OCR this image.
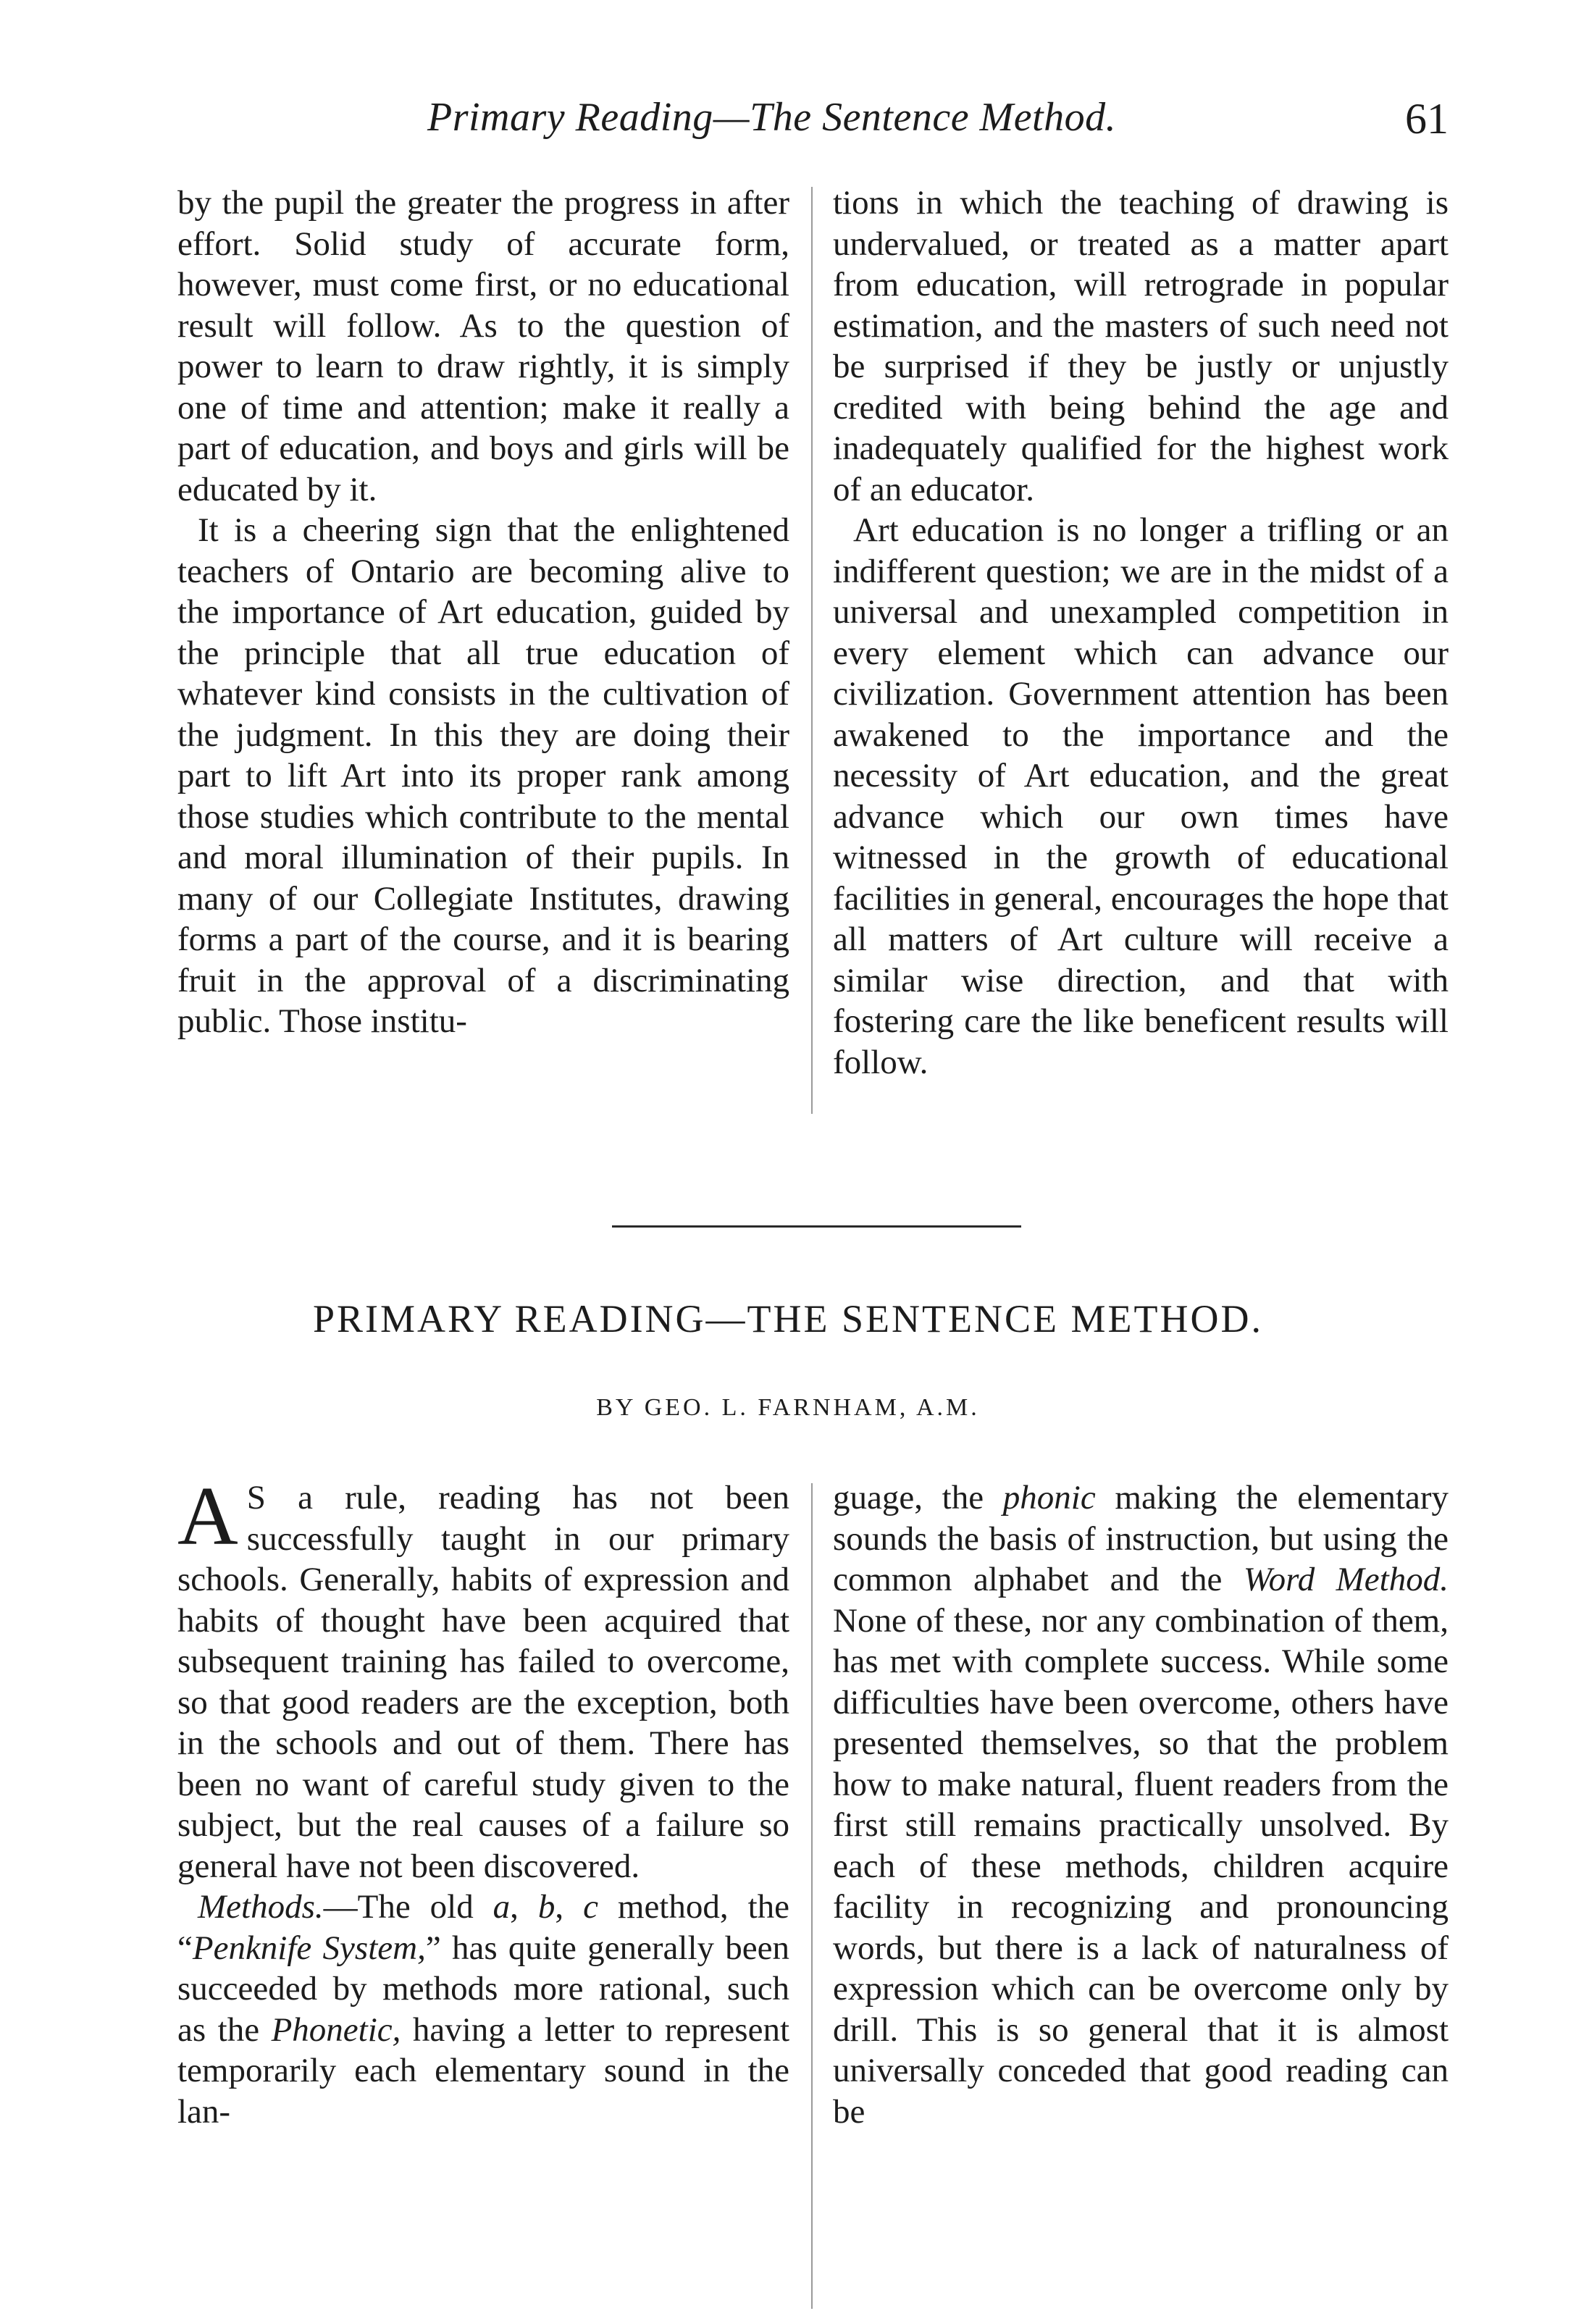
Primary Reading—The Sentence Method.	61

by the pupil the greater the progress in after effort. Solid study of accurate form, however, must come first, or no educational result will follow. As to the question of power to learn to draw rightly, it is simply one of time and attention; make it really a part of education, and boys and girls will be educated by it.

It is a cheering sign that the enlightened teachers of Ontario are becoming alive to the importance of Art education, guided by the principle that all true education of whatever kind consists in the cultivation of the judgment. In this they are doing their part to lift Art into its proper rank among those studies which contribute to the mental and moral illumination of their pupils. In many of our Collegiate Institutes, drawing forms a part of the course, and it is bearing fruit in the approval of a discriminating public. Those institu-

tions in which the teaching of drawing is undervalued, or treated as a matter apart from education, will retrograde in popular estimation, and the masters of such need not be surprised if they be justly or unjustly credited with being behind the age and inadequately qualified for the highest work of an educator.

Art education is no longer a trifling or an indifferent question; we are in the midst of a universal and unexampled competition in every element which can advance our civilization. Government attention has been awakened to the importance and the necessity of Art education, and the great advance which our own times have witnessed in the growth of educational facilities in general, encourages the hope that all matters of Art culture will receive a similar wise direction, and that with fostering care the like beneficent results will follow.

PRIMARY READING—THE SENTENCE METHOD.
BY GEO. L. FARNHAM, A.M.

A S a rule, reading has not been successfully taught in our primary schools. Generally, habits of expression and habits of thought have been acquired that subsequent training has failed to overcome, so that good readers are the exception, both in the schools and out of them. There has been no want of careful study given to the subject, but the real causes of a failure so general have not been discovered.

Methods.—The old a, b, c method, the “Penknife System,” has quite generally been succeeded by methods more rational, such as the Phonetic, having a letter to represent temporarily each elementary sound in the lan-

guage, the phonic making the elementary sounds the basis of instruction, but using the common alphabet and the Word Method. None of these, nor any combination of them, has met with complete success. While some difficulties have been overcome, others have presented themselves, so that the problem how to make natural, fluent readers from the first still remains practically unsolved. By each of these methods, children acquire facility in recognizing and pronouncing words, but there is a lack of naturalness of expression which can be overcome only by drill. This is so general that it is almost universally conceded that good reading can be
